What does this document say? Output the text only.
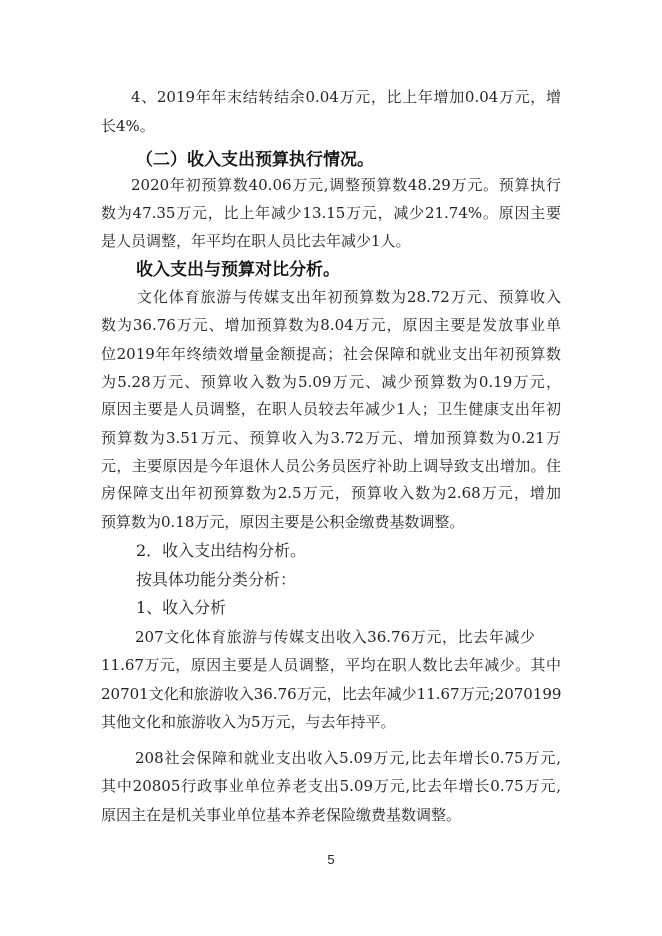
4、2019年年末结转结余0.04万元，比上年增加0.04万元，增
长4%。
（二）收入支出预算执行情况。
2020年初预算数40.06万元,调整预算数48.29万元。预算执行
数为47.35万元，比上年减少13.15万元，减少21.74%。原因主要
是人员调整，年平均在职人员比去年减少1人。
收入支出与预算对比分析。
文化体育旅游与传媒支出年初预算数为28.72万元、预算收入
数为36.76万元、增加预算数为8.04万元，原因主要是发放事业单
位2019年年终绩效增量金额提高；社会保障和就业支出年初预算数
为5.28万元、预算收入数为5.09万元、减少预算数为0.19万元，
原因主要是人员调整，在职人员较去年减少1人；卫生健康支出年初
预算数为3.51万元、预算收入为3.72万元、增加预算数为0.21万
元，主要原因是今年退休人员公务员医疗补助上调导致支出增加。住
房保障支出年初预算数为2.5万元，预算收入数为2.68万元，增加
预算数为0.18万元，原因主要是公积金缴费基数调整。
2．收入支出结构分析。
按具体功能分类分析：
1、收入分析
207文化体育旅游与传媒支出收入36.76万元，比去年减少
11.67万元，原因主要是人员调整，平均在职人数比去年减少。其中
20701文化和旅游收入36.76万元，比去年减少11.67万元;2070199
其他文化和旅游收入为5万元，与去年持平。
208社会保障和就业支出收入5.09万元,比去年增长0.75万元,
其中20805行政事业单位养老支出5.09万元,比去年增长0.75万元,
原因主在是机关事业单位基本养老保险缴费基数调整。
5
